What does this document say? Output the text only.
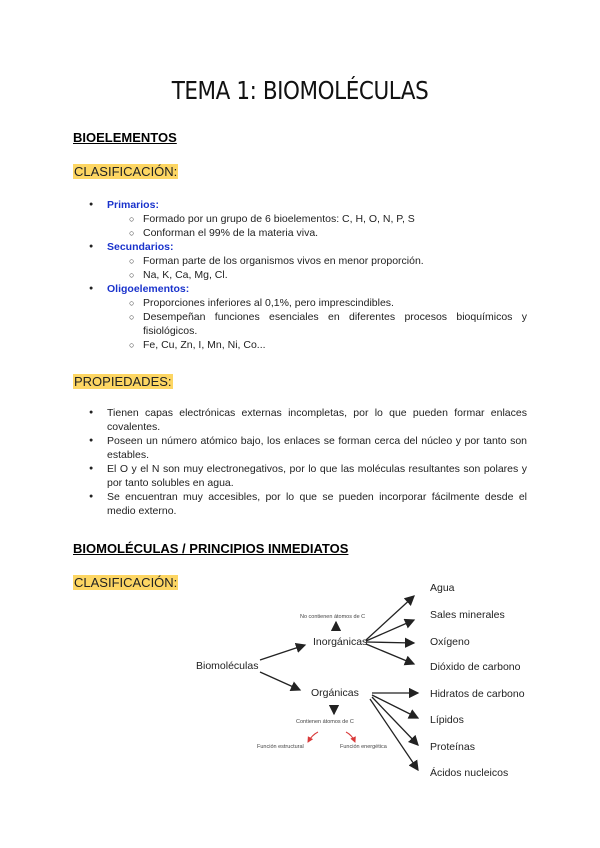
TEMA 1: BIOMOLÉCULAS
BIOELEMENTOS
CLASIFICACIÓN:
● Primarios:
○ Formado por un grupo de 6 bioelementos: C, H, O, N, P, S
○ Conforman el 99% de la materia viva.
● Secundarios:
○ Forman parte de los organismos vivos en menor proporción.
○ Na, K, Ca, Mg, Cl.
● Oligoelementos:
○ Proporciones inferiores al 0,1%, pero imprescindibles.
○ Desempeñan funciones esenciales en diferentes procesos bioquímicos y fisiológicos.
○ Fe, Cu, Zn, I, Mn, Ni, Co...
PROPIEDADES:
● Tienen capas electrónicas externas incompletas, por lo que pueden formar enlaces covalentes.
● Poseen un número atómico bajo, los enlaces se forman cerca del núcleo y por tanto son estables.
● El O y el N son muy electronegativos, por lo que las moléculas resultantes son polares y por tanto solubles en agua.
● Se encuentran muy accesibles, por lo que se pueden incorporar fácilmente desde el medio externo.
BIOMOLÉCULAS / PRINCIPIOS INMEDIATOS
CLASIFICACIÓN:
Biomoléculas
Inorgánicas
No contienen átomos de C
Orgánicas
Contienen átomos de C
Función estructural	Función energética
Agua
Sales minerales
Oxígeno
Dióxido de carbono
Hidratos de carbono
Lípidos
Proteínas
Ácidos nucleicos
